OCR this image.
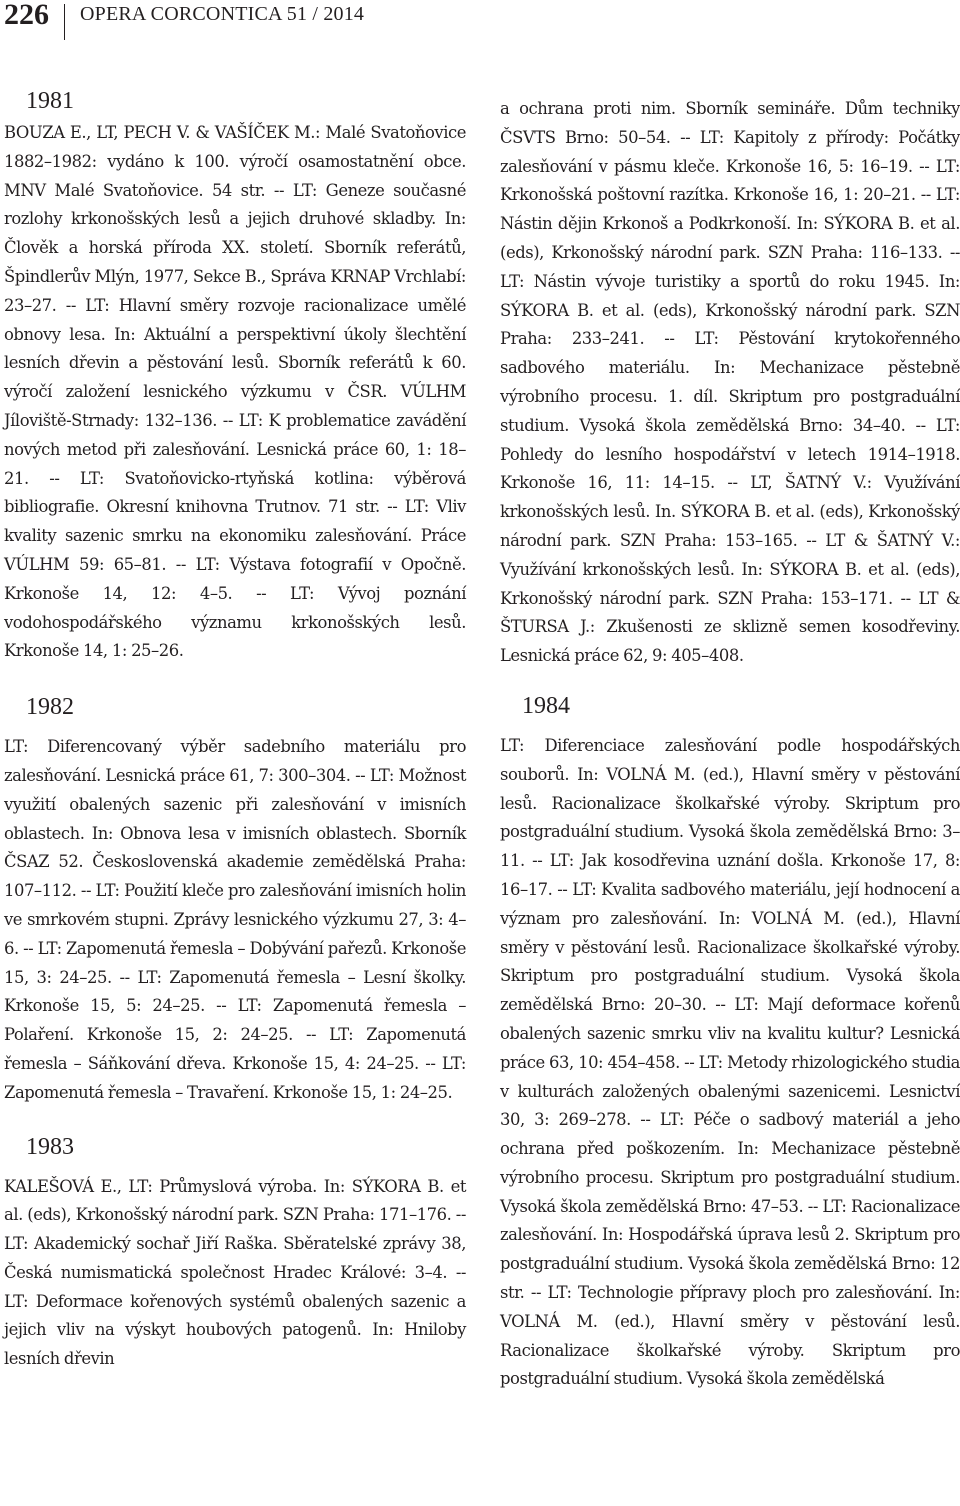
226 OPERA CORCONTICA 51 / 2014

1981

BOUZA E., LT, PECH V. & VAŠÍČEK M.: Malé Svatoňovice 1882–1982: vydáno k 100. výročí osamostatnění obce. MNV Malé Svatoňovice. 54 str. -- LT: Geneze současné rozlohy krkonošských lesů a jejich druhové skladby. In: Člověk a horská příroda XX. století. Sborník referátů, Špindlerův Mlýn, 1977, Sekce B., Správa KRNAP Vrchlabí: 23–27. -- LT: Hlavní směry rozvoje racionalizace umělé obnovy lesa. In: Aktuální a perspektivní úkoly šlechtění lesních dřevin a pěstování lesů. Sborník referátů k 60. výročí založení lesnického výzkumu v ČSR. VÚLHM Jíloviště-Strnady: 132–136. -- LT: K problematice zavádění nových metod při zalesňování. Lesnická práce 60, 1: 18–21. -- LT: Svatoňovicko-rtyňská kotlina: výběrová bibliografie. Okresní knihovna Trutnov. 71 str. -- LT: Vliv kvality sazenic smrku na ekonomiku zalesňování. Práce VÚLHM 59: 65–81. -- LT: Výstava fotografií v Opočně. Krkonoše 14, 12: 4–5. -- LT: Vývoj poznání vodohospodářského významu krkonošských lesů. Krkonoše 14, 1: 25–26.

1982

LT: Diferencovaný výběr sadebního materiálu pro zalesňování. Lesnická práce 61, 7: 300–304. -- LT: Možnost využití obalených sazenic při zalesňování v imisních oblastech. In: Obnova lesa v imisních oblastech. Sborník ČSAZ 52. Československá akademie zemědělská Praha: 107–112. -- LT: Použití kleče pro zalesňování imisních holin ve smrkovém stupni. Zprávy lesnického výzkumu 27, 3: 4–6. -- LT: Zapomenutá řemesla – Dobývání pařezů. Krkonoše 15, 3: 24–25. -- LT: Zapomenutá řemesla – Lesní školky. Krkonoše 15, 5: 24–25. -- LT: Zapomenutá řemesla – Polaření. Krkonoše 15, 2: 24–25. -- LT: Zapomenutá řemesla – Sáňkování dřeva. Krkonoše 15, 4: 24–25. -- LT: Zapomenutá řemesla – Travaření. Krkonoše 15, 1: 24–25.

1983

KALEŠOVÁ E., LT: Průmyslová výroba. In: SÝKORA B. et al. (eds), Krkonošský národní park. SZN Praha: 171–176. -- LT: Akademický sochař Jiří Raška. Sběratelské zprávy 38, Česká numismatická společnost Hradec Králové: 3–4. -- LT: Deformace kořenových systémů obalených sazenic a jejich vliv na výskyt houbových patogenů. In: Hniloby lesních dřevin

a ochrana proti nim. Sborník semináře. Dům techniky ČSVTS Brno: 50–54. -- LT: Kapitoly z přírody: Počátky zalesňování v pásmu kleče. Krkonoše 16, 5: 16–19. -- LT: Krkonošská poštovní razítka. Krkonoše 16, 1: 20–21. -- LT: Nástin dějin Krkonoš a Podkrkonoší. In: SÝKORA B. et al. (eds), Krkonošský národní park. SZN Praha: 116–133. -- LT: Nástin vývoje turistiky a sportů do roku 1945. In: SÝKORA B. et al. (eds), Krkonošský národní park. SZN Praha: 233–241. -- LT: Pěstování krytokořenného sadbového materiálu. In: Mechanizace pěstebně výrobního procesu. 1. díl. Skriptum pro postgraduální studium. Vysoká škola zemědělská Brno: 34–40. -- LT: Pohledy do lesního hospodářství v letech 1914–1918. Krkonoše 16, 11: 14–15. -- LT, ŠATNÝ V.: Využívání krkonošských lesů. In. SÝKORA B. et al. (eds), Krkonošský národní park. SZN Praha: 153–165. -- LT & ŠATNÝ V.: Využívání krkonošských lesů. In: SÝKORA B. et al. (eds), Krkonošský národní park. SZN Praha: 153–171. -- LT & ŠTURSA J.: Zkušenosti ze sklizně semen kosodřeviny. Lesnická práce 62, 9: 405–408.

1984

LT: Diferenciace zalesňování podle hospodářských souborů. In: VOLNÁ M. (ed.), Hlavní směry v pěstování lesů. Racionalizace školkařské výroby. Skriptum pro postgraduální studium. Vysoká škola zemědělská Brno: 3–11. -- LT: Jak kosodřevina uznání došla. Krkonoše 17, 8: 16–17. -- LT: Kvalita sadbového materiálu, její hodnocení a význam pro zalesňování. In: VOLNÁ M. (ed.), Hlavní směry v pěstování lesů. Racionalizace školkařské výroby. Skriptum pro postgraduální studium. Vysoká škola zemědělská Brno: 20–30. -- LT: Mají deformace kořenů obalených sazenic smrku vliv na kvalitu kultur? Lesnická práce 63, 10: 454–458. -- LT: Metody rhizologického studia v kulturách založených obalenými sazenicemi. Lesnictví 30, 3: 269–278. -- LT: Péče o sadbový materiál a jeho ochrana před poškozením. In: Mechanizace pěstebně výrobního procesu. Skriptum pro postgraduální studium. Vysoká škola zemědělská Brno: 47–53. -- LT: Racionalizace zalesňování. In: Hospodářská úprava lesů 2. Skriptum pro postgraduální studium. Vysoká škola zemědělská Brno: 12 str. -- LT: Technologie přípravy ploch pro zalesňování. In: VOLNÁ M. (ed.), Hlavní směry v pěstování lesů. Racionalizace školkařské výroby. Skriptum pro postgraduální studium. Vysoká škola zemědělská
